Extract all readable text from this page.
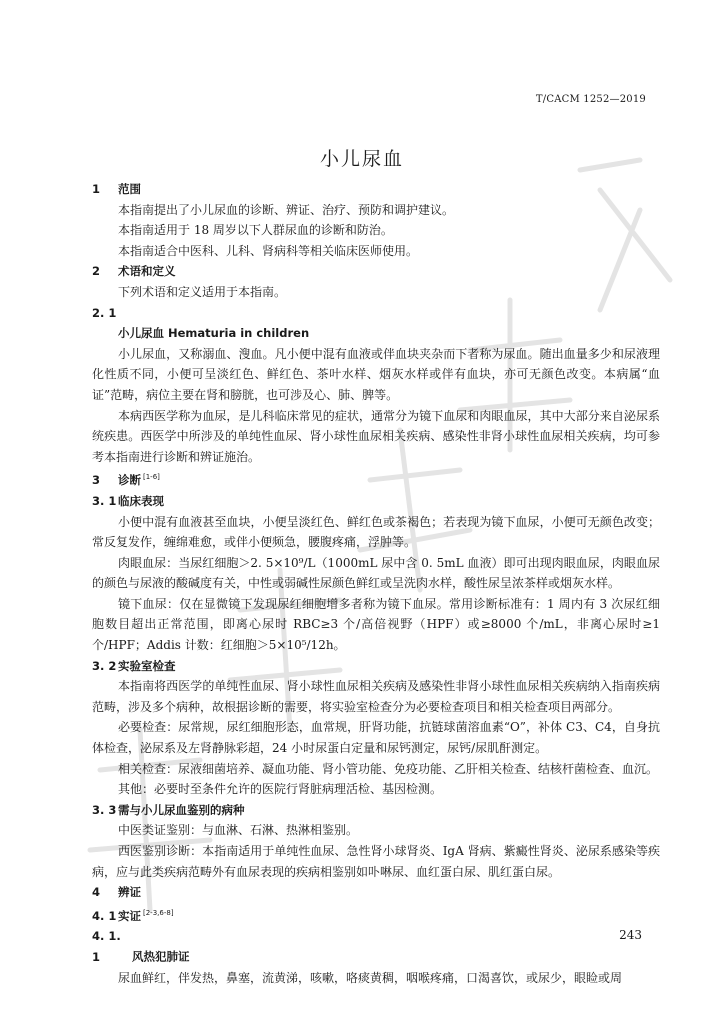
T/CACM 1252—2019
小儿尿血

1 范围

本指南提出了小儿尿血的诊断、辨证、治疗、预防和调护建议。

本指南适用于 18 周岁以下人群尿血的诊断和防治。

本指南适合中医科、儿科、肾病科等相关临床医师使用。

2 术语和定义

下列术语和定义适用于本指南。

2. 1

小儿尿血 Hematuria in children

小儿尿血，又称溺血、溲血。凡小便中混有血液或伴血块夹杂而下者称为尿血。随出血量多少和尿液理化性质不同，小便可呈淡红色、鲜红色、茶叶水样、烟灰水样或伴有血块，亦可无颜色改变。本病属“血证”范畴，病位主要在肾和膀胱，也可涉及心、肺、脾等。

本病西医学称为血尿，是儿科临床常见的症状，通常分为镜下血尿和肉眼血尿，其中大部分来自泌尿系统疾患。西医学中所涉及的单纯性血尿、肾小球性血尿相关疾病、感染性非肾小球性血尿相关疾病，均可参考本指南进行诊断和辨证施治。

3 诊断 [1-6]

3. 1 临床表现

小便中混有血液甚至血块，小便呈淡红色、鲜红色或茶褐色；若表现为镜下血尿，小便可无颜色改变；常反复发作，缠绵难愈，或伴小便频急，腰腹疼痛，浮肿等。

肉眼血尿：当尿红细胞＞2. 5×10⁹/L（1000mL 尿中含 0. 5mL 血液）即可出现肉眼血尿，肉眼血尿的颜色与尿液的酸碱度有关，中性或弱碱性尿颜色鲜红或呈洗肉水样，酸性尿呈浓茶样或烟灰水样。

镜下血尿：仅在显微镜下发现尿红细胞增多者称为镜下血尿。常用诊断标准有：1 周内有 3 次尿红细胞数目超出正常范围，即离心尿时 RBC≥3 个/高倍视野（HPF）或≥8000 个/mL，非离心尿时≥1 个/HPF；Addis 计数：红细胞＞5×10⁵/12h。

3. 2 实验室检查

本指南将西医学的单纯性血尿、肾小球性血尿相关疾病及感染性非肾小球性血尿相关疾病纳入指南疾病范畴，涉及多个病种，故根据诊断的需要，将实验室检查分为必要检查项目和相关检查项目两部分。

必要检查：尿常规，尿红细胞形态，血常规，肝肾功能，抗链球菌溶血素“O”，补体 C3、C4，自身抗体检查，泌尿系及左肾静脉彩超，24 小时尿蛋白定量和尿钙测定，尿钙/尿肌酐测定。

相关检查：尿液细菌培养、凝血功能、肾小管功能、免疫功能、乙肝相关检查、结核杆菌检查、血沉。

其他：必要时至条件允许的医院行肾脏病理活检、基因检测。

3. 3 需与小儿尿血鉴别的病种

中医类证鉴别：与血淋、石淋、热淋相鉴别。

西医鉴别诊断：本指南适用于单纯性血尿、急性肾小球肾炎、IgA 肾病、紫癜性肾炎、泌尿系感染等疾病，应与此类疾病范畴外有血尿表现的疾病相鉴别如卟啉尿、血红蛋白尿、肌红蛋白尿。

4 辨证

4. 1 实证 [2-3,6-8]

4. 1. 1	风热犯肺证

尿血鲜红，伴发热，鼻塞，流黄涕，咳嗽，咯痰黄稠，咽喉疼痛，口渴喜饮，或尿少，眼睑或周

243
